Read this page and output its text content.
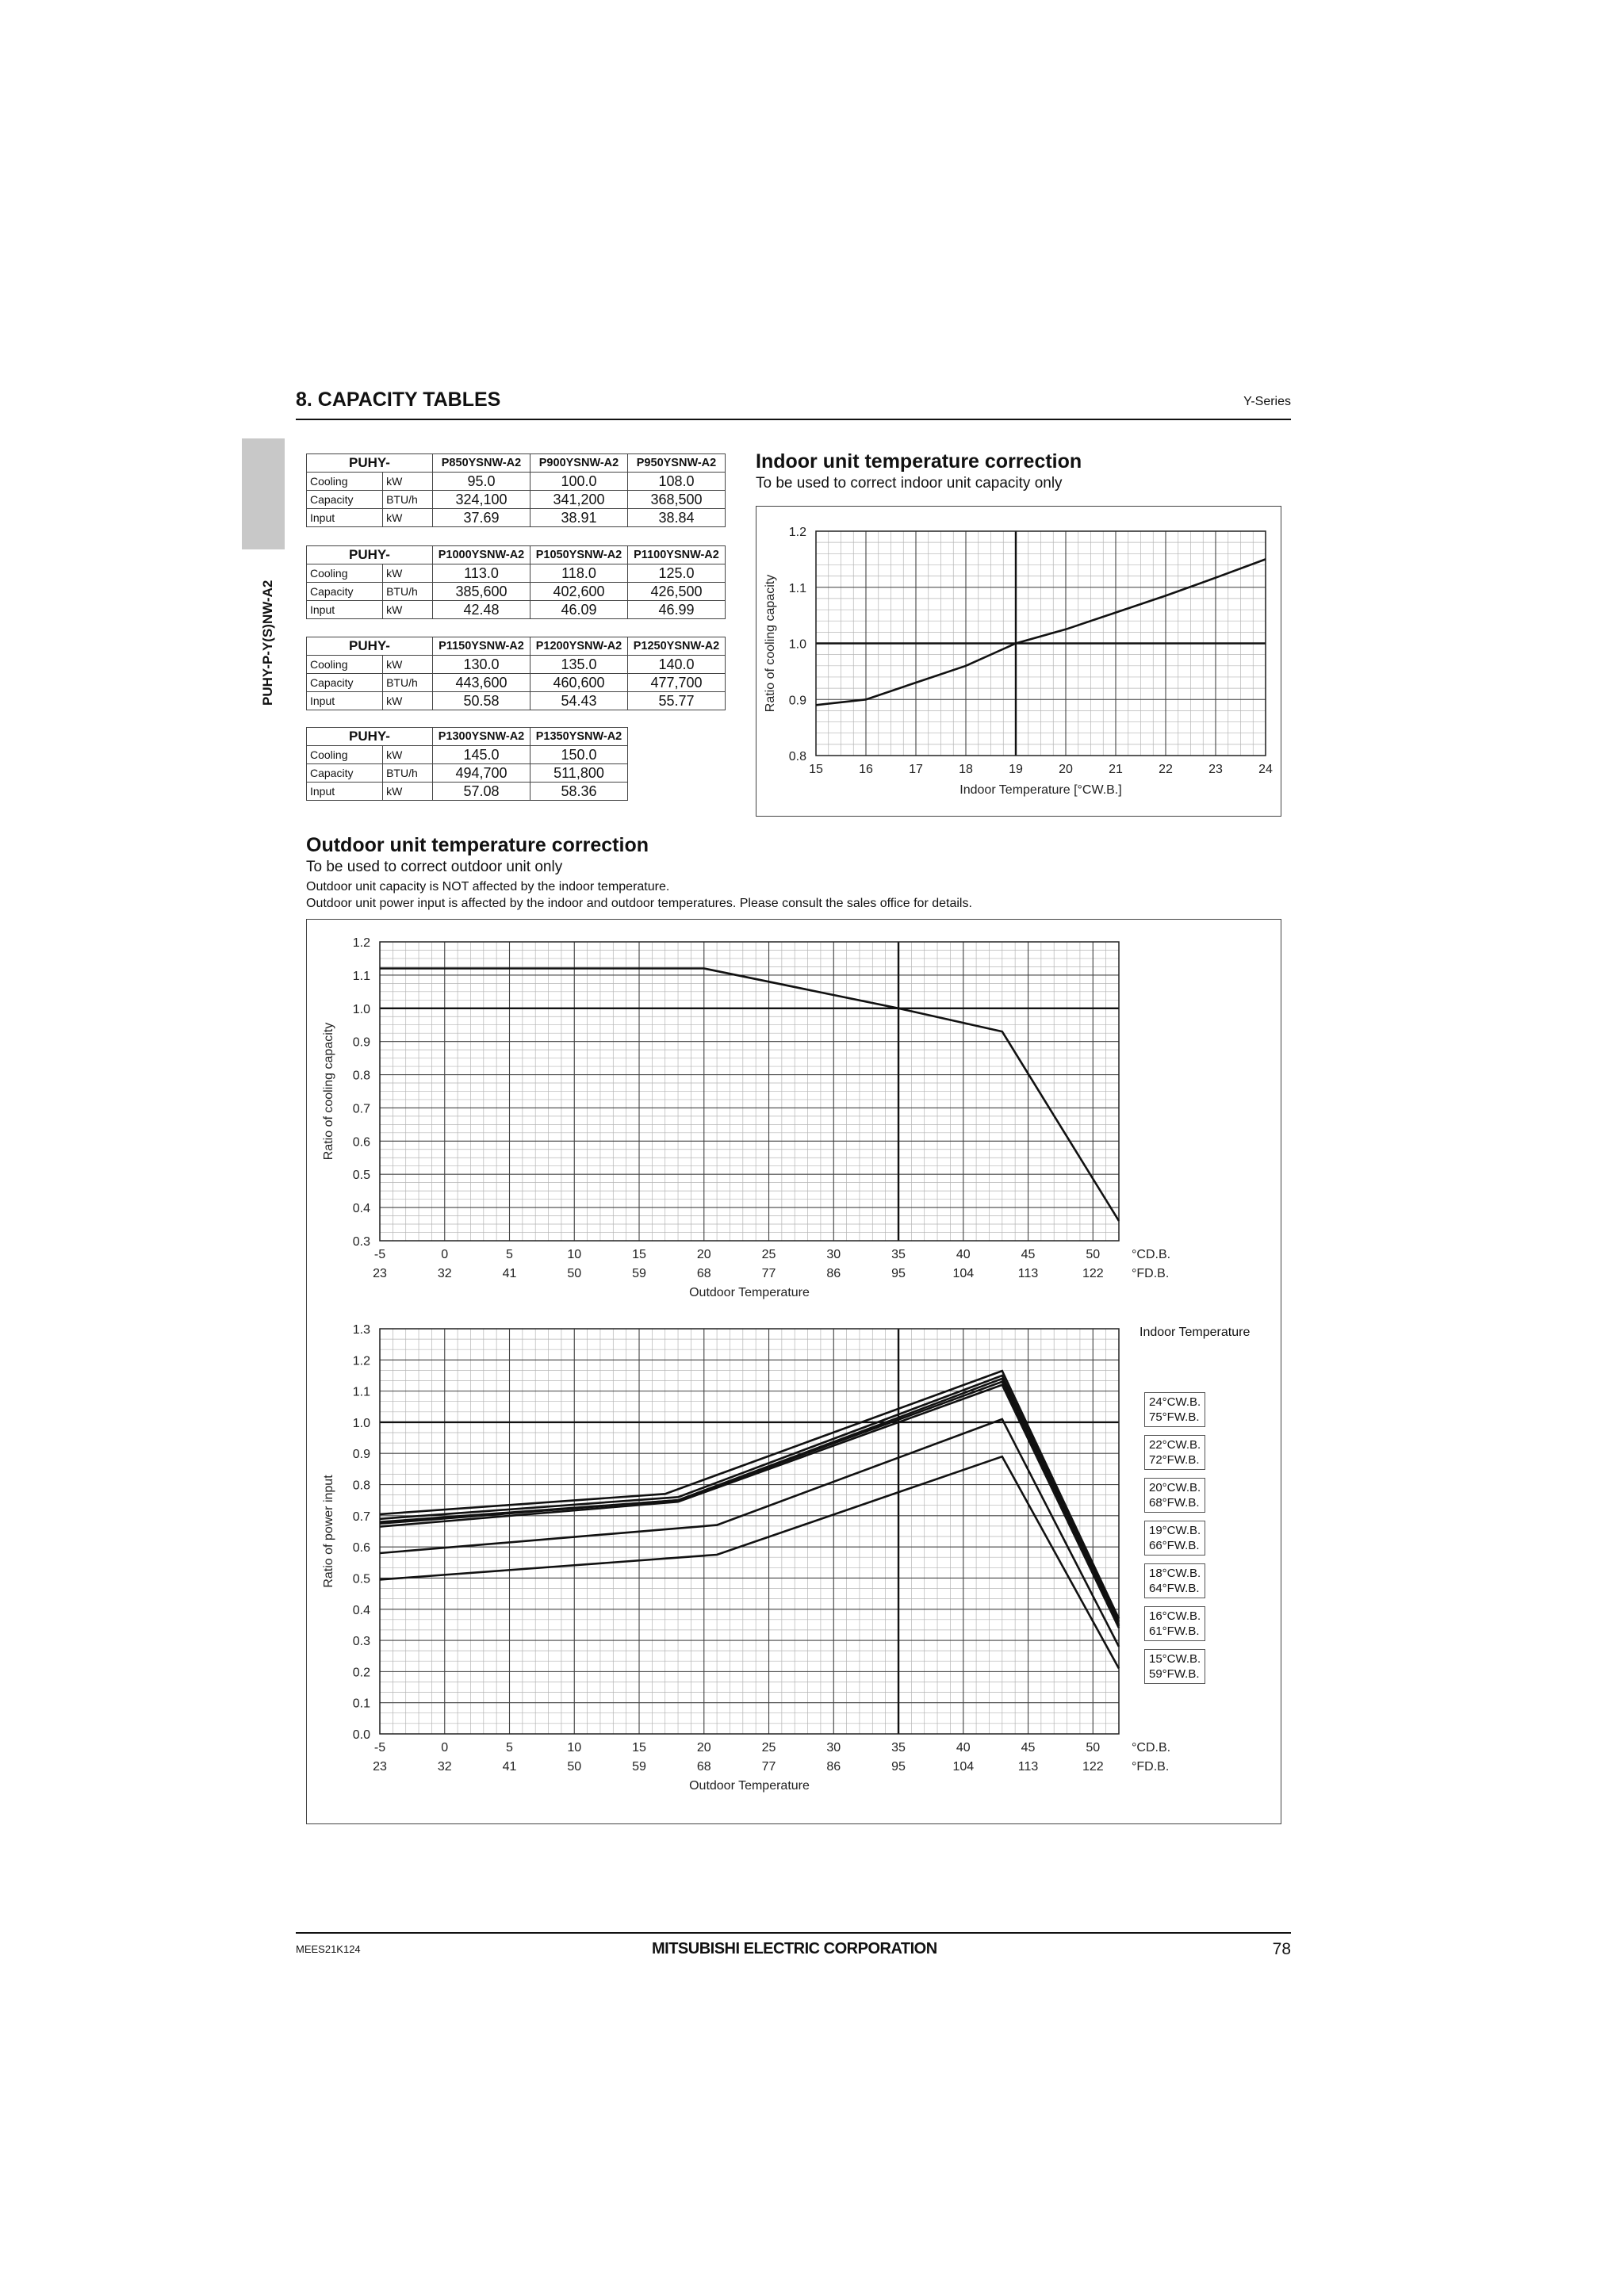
8. CAPACITY TABLES	Y-Series
PUHY-P-Y(S)NW-A2
PUHY-		P850YSNW-A2	P900YSNW-A2	P950YSNW-A2
Cooling	kW	95.0	100.0	108.0
Capacity	BTU/h	324,100	341,200	368,500
Input	kW	37.69	38.91	38.84
PUHY-		P1000YSNW-A2	P1050YSNW-A2	P1100YSNW-A2
Cooling	kW	113.0	118.0	125.0
Capacity	BTU/h	385,600	402,600	426,500
Input	kW	42.48	46.09	46.99
PUHY-		P1150YSNW-A2	P1200YSNW-A2	P1250YSNW-A2
Cooling	kW	130.0	135.0	140.0
Capacity	BTU/h	443,600	460,600	477,700
Input	kW	50.58	54.43	55.77
PUHY-		P1300YSNW-A2	P1350YSNW-A2
Cooling	kW	145.0	150.0
Capacity	BTU/h	494,700	511,800
Input	kW	57.08	58.36
Indoor unit temperature correction
To be used to correct indoor unit capacity only
0.8
0.9
1.0
1.1
1.2
15	16	17	18	19	20	21	22	23	24
Indoor Temperature [°CW.B.]
Ratio of cooling capacity
Outdoor unit temperature correction
To be used to correct outdoor unit only
Outdoor unit capacity is NOT affected by the indoor temperature.
Outdoor unit power input is affected by the indoor and outdoor temperatures. Please consult the sales office for details.
0.3
0.4
0.5
0.6
0.7
0.8
0.9
1.0
1.1
1.2
-5	0	5	10	15	20	25	30	35	40	45	50
23	32	41	50	59	68	77	86	95	104	113	122
°CD.B.
°FD.B.
Outdoor Temperature
Ratio of cooling capacity
0.0
0.1
0.2
0.3
0.4
0.5
0.6
0.7
0.8
0.9
1.0
1.1
1.2
1.3
-5	0	5	10	15	20	25	30	35	40	45	50
23	32	41	50	59	68	77	86	95	104	113	122
°CD.B.
°FD.B.
Outdoor Temperature
Ratio of power input
Indoor Temperature
24°CW.B.
75°FW.B.
22°CW.B.
72°FW.B.
20°CW.B.
68°FW.B.
19°CW.B.
66°FW.B.
18°CW.B.
64°FW.B.
16°CW.B.
61°FW.B.
15°CW.B.
59°FW.B.
MEES21K124	MITSUBISHI ELECTRIC CORPORATION	78
